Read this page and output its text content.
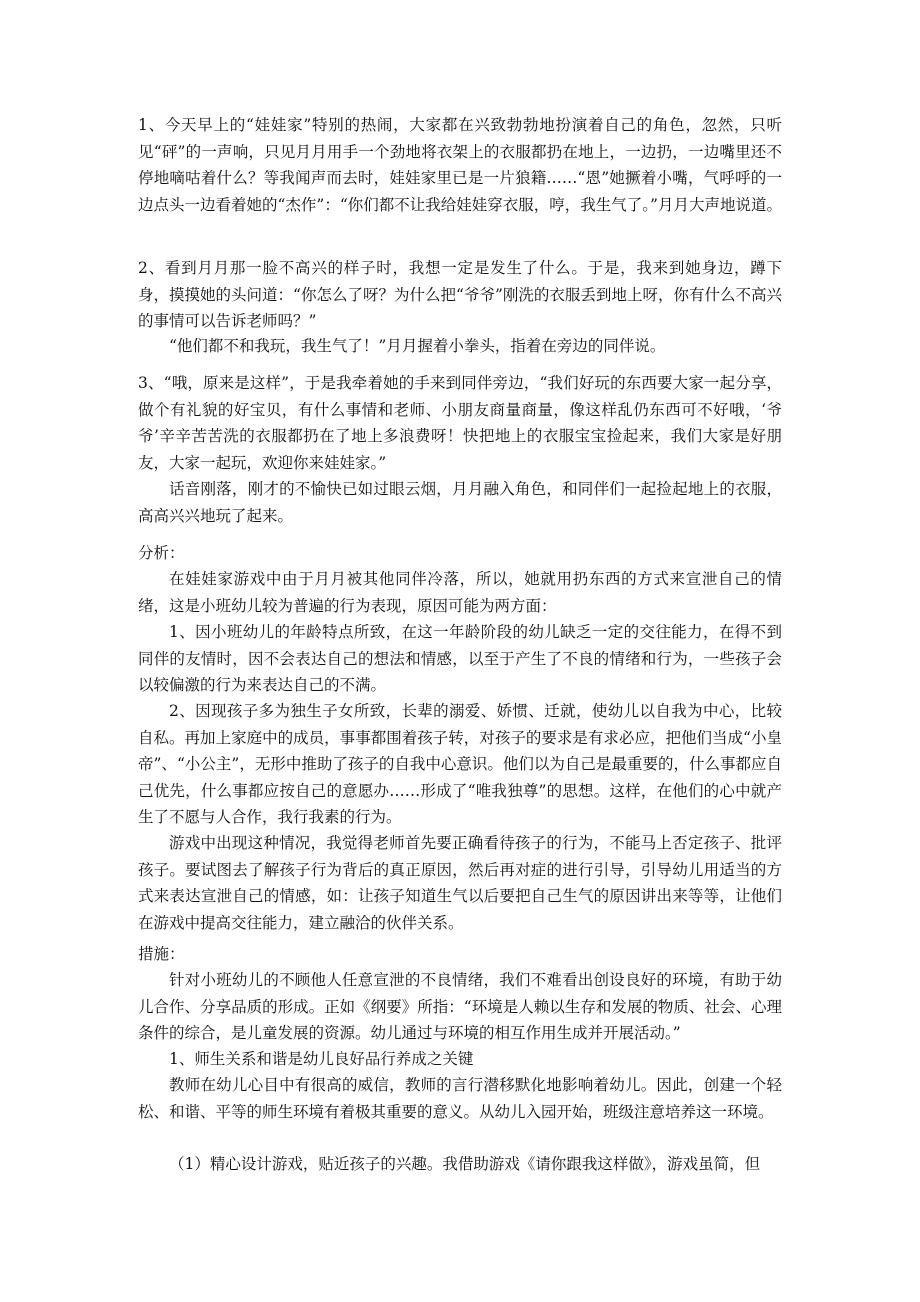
1、今天早上的“娃娃家”特别的热闹，大家都在兴致勃勃地扮演着自己的角色，忽然，只听见“砰”的一声响，只见月月用手一个劲地将衣架上的衣服都扔在地上，一边扔，一边嘴里还不停地嘀咕着什么？等我闻声而去时，娃娃家里已是一片狼籍……“恩”她撅着小嘴，气呼呼的一边点头一边看着她的“杰作”：“你们都不让我给娃娃穿衣服，哼，我生气了。”月月大声地说道。

2、看到月月那一脸不高兴的样子时，我想一定是发生了什么。于是，我来到她身边，蹲下身，摸摸她的头问道：“你怎么了呀？为什么把“爷爷”刚洗的衣服丢到地上呀，你有什么不高兴的事情可以告诉老师吗？”

“他们都不和我玩，我生气了！”月月握着小拳头，指着在旁边的同伴说。

3、“哦，原来是这样”，于是我牵着她的手来到同伴旁边，“我们好玩的东西要大家一起分享，做个有礼貌的好宝贝，有什么事情和老师、小朋友商量商量，像这样乱仍东西可不好哦，‘爷爷’辛辛苦苦洗的衣服都扔在了地上多浪费呀！快把地上的衣服宝宝捡起来，我们大家是好朋友，大家一起玩，欢迎你来娃娃家。”

话音刚落，刚才的不愉快已如过眼云烟，月月融入角色，和同伴们一起捡起地上的衣服，高高兴兴地玩了起来。

分析：

在娃娃家游戏中由于月月被其他同伴冷落，所以，她就用扔东西的方式来宣泄自己的情绪，这是小班幼儿较为普遍的行为表现，原因可能为两方面：

1、因小班幼儿的年龄特点所致，在这一年龄阶段的幼儿缺乏一定的交往能力，在得不到同伴的友情时，因不会表达自己的想法和情感，以至于产生了不良的情绪和行为，一些孩子会以较偏激的行为来表达自己的不满。

2、因现孩子多为独生子女所致，长辈的溺爱、娇惯、迁就，使幼儿以自我为中心，比较自私。再加上家庭中的成员，事事都围着孩子转，对孩子的要求是有求必应，把他们当成“小皇帝”、“小公主”，无形中推助了孩子的自我中心意识。他们以为自己是最重要的，什么事都应自己优先，什么事都应按自己的意愿办……形成了“唯我独尊”的思想。这样，在他们的心中就产生了不愿与人合作，我行我素的行为。

游戏中出现这种情况，我觉得老师首先要正确看待孩子的行为，不能马上否定孩子、批评孩子。要试图去了解孩子行为背后的真正原因，然后再对症的进行引导，引导幼儿用适当的方式来表达宣泄自己的情感，如：让孩子知道生气以后要把自己生气的原因讲出来等等，让他们在游戏中提高交往能力，建立融洽的伙伴关系。

措施：

针对小班幼儿的不顾他人任意宣泄的不良情绪，我们不难看出创设良好的环境，有助于幼儿合作、分享品质的形成。正如《纲要》所指：“环境是人赖以生存和发展的物质、社会、心理条件的综合，是儿童发展的资源。幼儿通过与环境的相互作用生成并开展活动。”

1、师生关系和谐是幼儿良好品行养成之关键

教师在幼儿心目中有很高的威信，教师的言行潜移默化地影响着幼儿。因此，创建一个轻松、和谐、平等的师生环境有着极其重要的意义。从幼儿入园开始，班级注意培养这一环境。

（1）精心设计游戏，贴近孩子的兴趣。我借助游戏《请你跟我这样做》，游戏虽简，但
